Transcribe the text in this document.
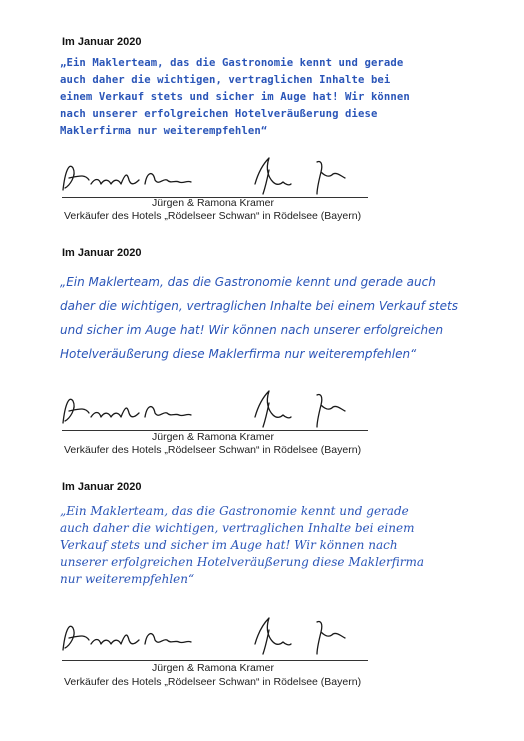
Im Januar 2020
„Ein Maklerteam, das die Gastronomie kennt und gerade
auch daher die wichtigen, vertraglichen Inhalte bei
einem Verkauf stets und sicher im Auge hat! Wir können
nach unserer erfolgreichen Hotelveräußerung diese
Maklerfirma nur weiterempfehlen“
Jürgen & Ramona Kramer
Verkäufer des Hotels „Rödelseer Schwan“ in Rödelsee (Bayern)
Im Januar 2020
„Ein Maklerteam, das die Gastronomie kennt und gerade auch
daher die wichtigen, vertraglichen Inhalte bei einem Verkauf stets
und sicher im Auge hat! Wir können nach unserer erfolgreichen
Hotelveräußerung diese Maklerfirma nur weiterempfehlen“
Jürgen & Ramona Kramer
Verkäufer des Hotels „Rödelseer Schwan“ in Rödelsee (Bayern)
Im Januar 2020
„Ein Maklerteam, das die Gastronomie kennt und gerade
auch daher die wichtigen, vertraglichen Inhalte bei einem
Verkauf stets und sicher im Auge hat! Wir können nach
unserer erfolgreichen Hotelveräußerung diese Maklerfirma
nur weiterempfehlen“
Jürgen & Ramona Kramer
Verkäufer des Hotels „Rödelseer Schwan“ in Rödelsee (Bayern)
